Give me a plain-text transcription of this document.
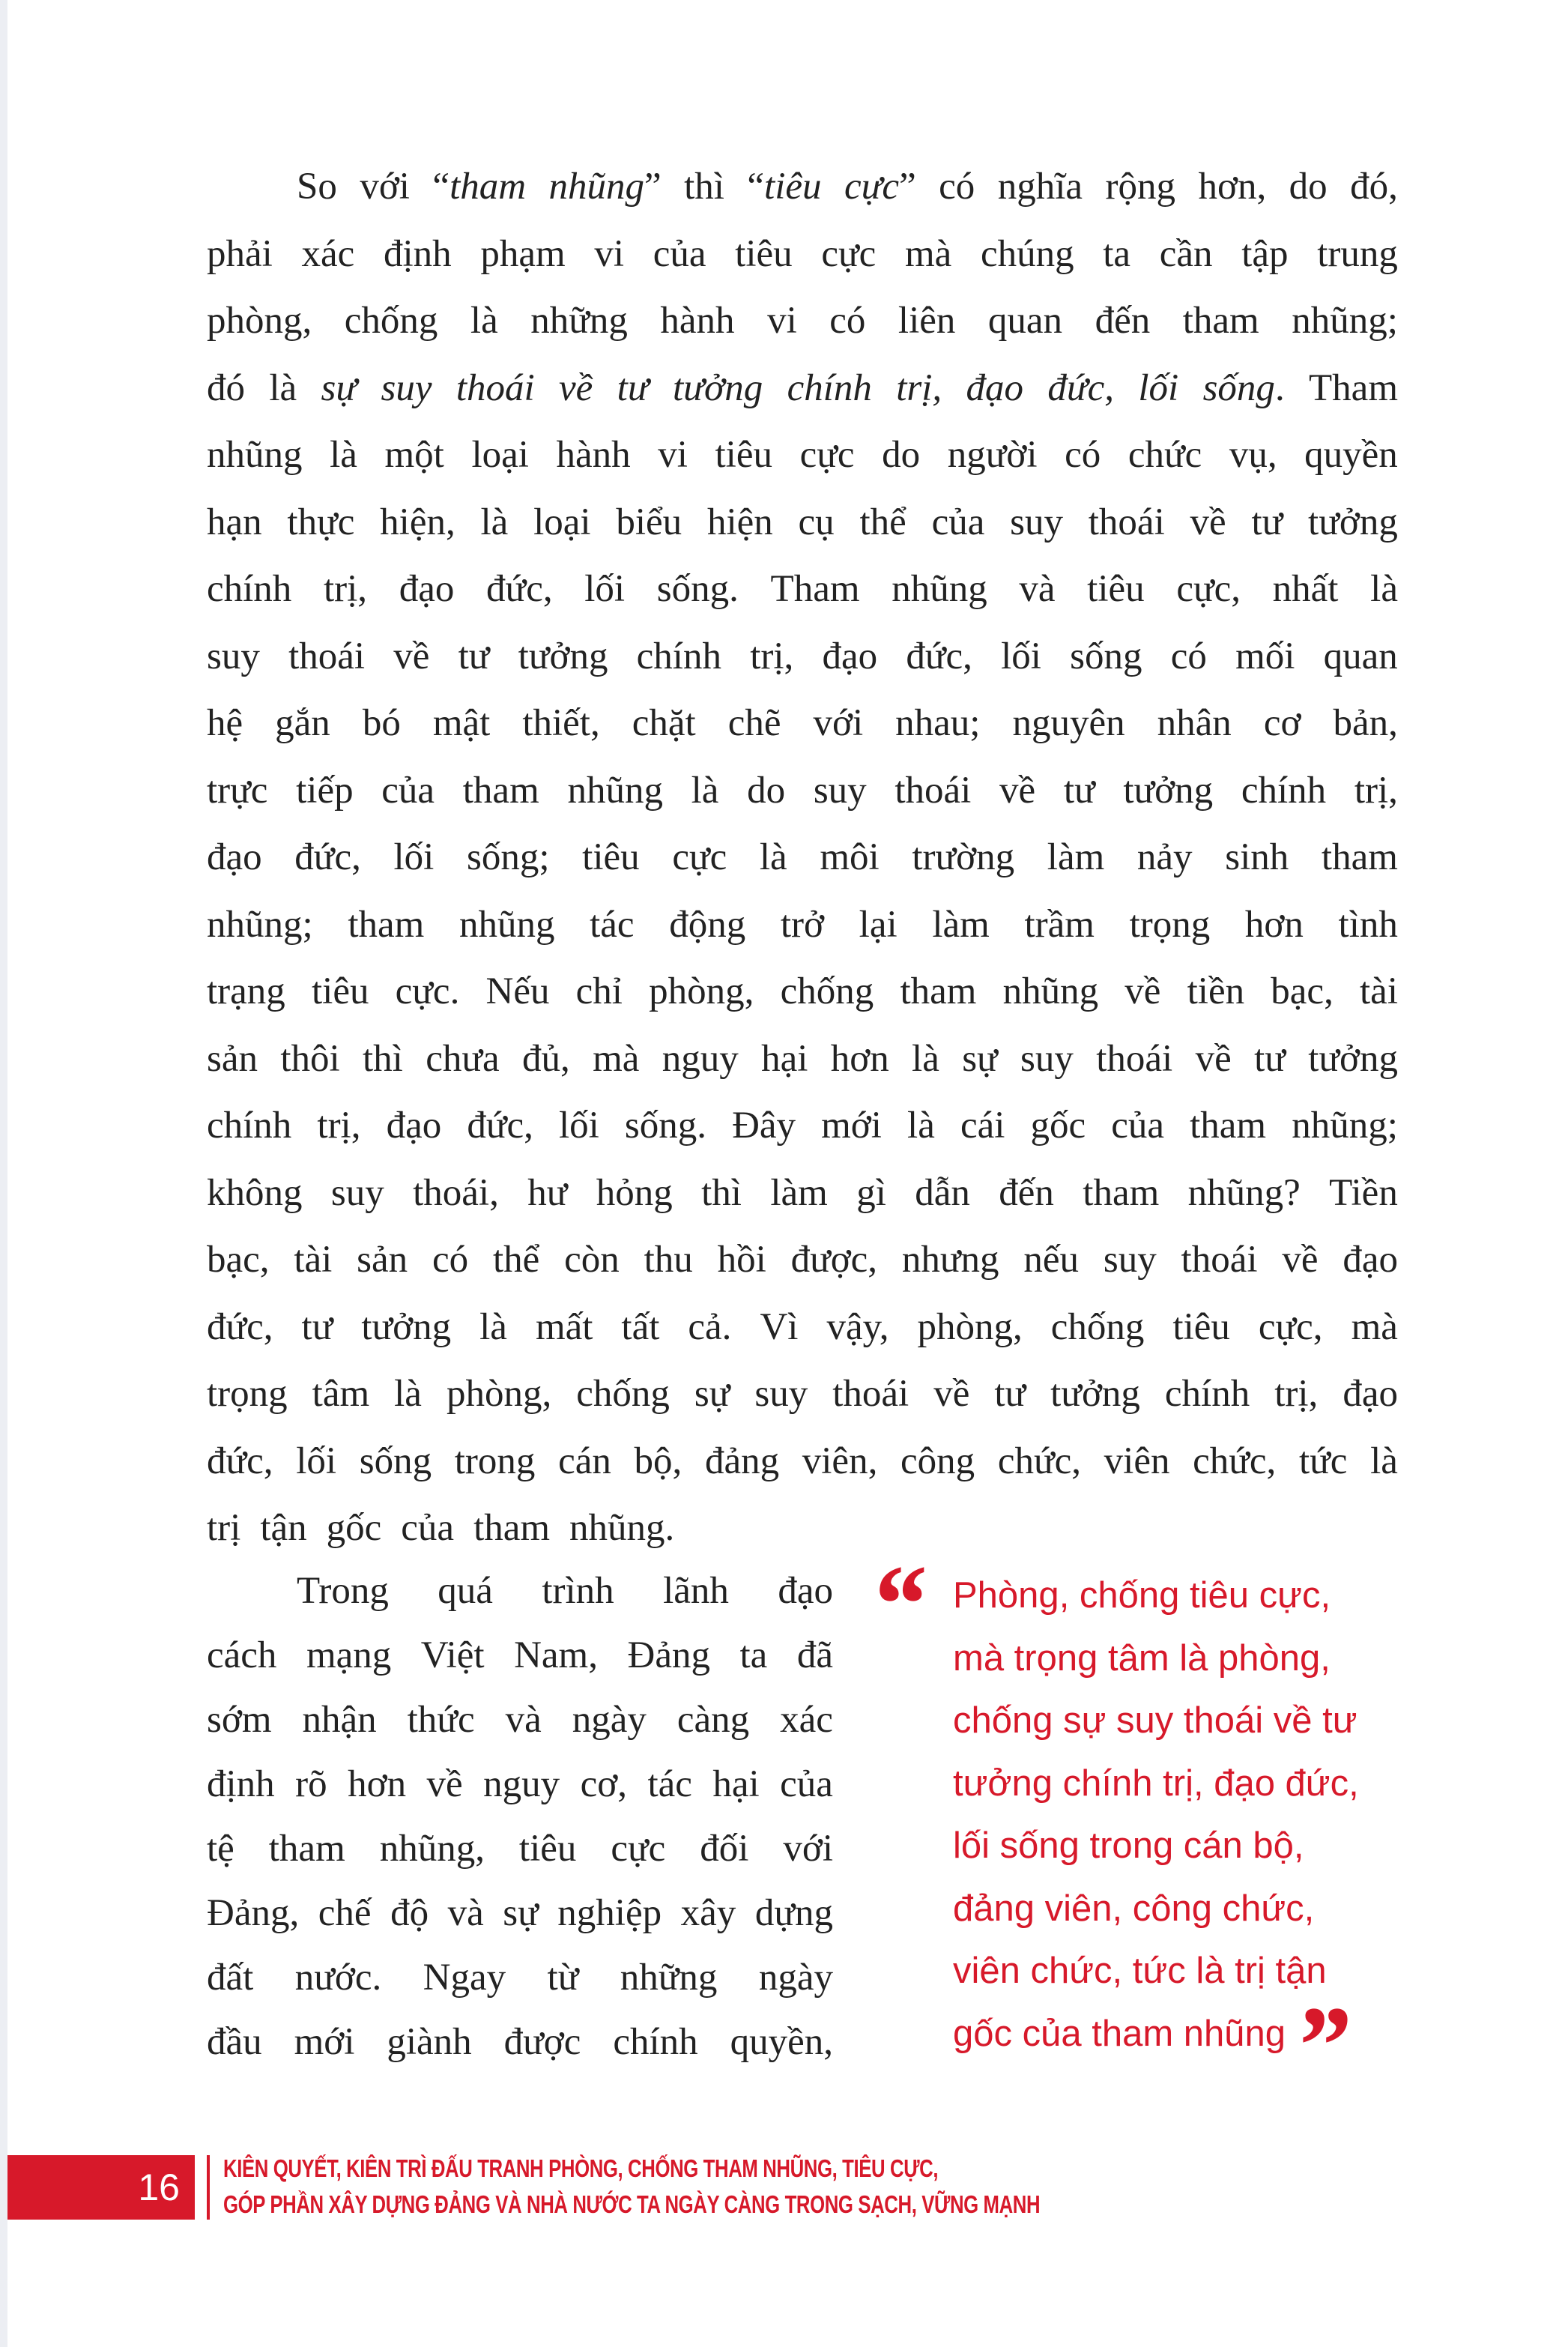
So với “tham nhũng” thì “tiêu cực” có nghĩa rộng hơn, do đó,
phải xác định phạm vi của tiêu cực mà chúng ta cần tập trung
phòng, chống là những hành vi có liên quan đến tham nhũng;
đó là sự suy thoái về tư tưởng chính trị, đạo đức, lối sống. Tham
nhũng là một loại hành vi tiêu cực do người có chức vụ, quyền
hạn thực hiện, là loại biểu hiện cụ thể của suy thoái về tư tưởng
chính trị, đạo đức, lối sống. Tham nhũng và tiêu cực, nhất là
suy thoái về tư tưởng chính trị, đạo đức, lối sống có mối quan
hệ gắn bó mật thiết, chặt chẽ với nhau; nguyên nhân cơ bản,
trực tiếp của tham nhũng là do suy thoái về tư tưởng chính trị,
đạo đức, lối sống; tiêu cực là môi trường làm nảy sinh tham
nhũng; tham nhũng tác động trở lại làm trầm trọng hơn tình
trạng tiêu cực. Nếu chỉ phòng, chống tham nhũng về tiền bạc, tài
sản thôi thì chưa đủ, mà nguy hại hơn là sự suy thoái về tư tưởng
chính trị, đạo đức, lối sống. Đây mới là cái gốc của tham nhũng;
không suy thoái, hư hỏng thì làm gì dẫn đến tham nhũng? Tiền
bạc, tài sản có thể còn thu hồi được, nhưng nếu suy thoái về đạo
đức, tư tưởng là mất tất cả. Vì vậy, phòng, chống tiêu cực, mà
trọng tâm là phòng, chống sự suy thoái về tư tưởng chính trị, đạo
đức, lối sống trong cán bộ, đảng viên, công chức, viên chức, tức là
trị tận gốc của tham nhũng.
Trong quá trình lãnh đạo
cách mạng Việt Nam, Đảng ta đã
sớm nhận thức và ngày càng xác
định rõ hơn về nguy cơ, tác hại của
tệ tham nhũng, tiêu cực đối với
Đảng, chế độ và sự nghiệp xây dựng
đất nước. Ngay từ những ngày
đầu mới giành được chính quyền,
“ Phòng, chống tiêu cực,
mà trọng tâm là phòng,
chống sự suy thoái về tư
tưởng chính trị, đạo đức,
lối sống trong cán bộ,
đảng viên, công chức,
viên chức, tức là trị tận
gốc của tham nhũng”
16 KIÊN QUYẾT, KIÊN TRÌ ĐẤU TRANH PHÒNG, CHỐNG THAM NHŨNG, TIÊU CỰC,
GÓP PHẦN XÂY DỰNG ĐẢNG VÀ NHÀ NƯỚC TA NGÀY CÀNG TRONG SẠCH, VỮNG MẠNH
